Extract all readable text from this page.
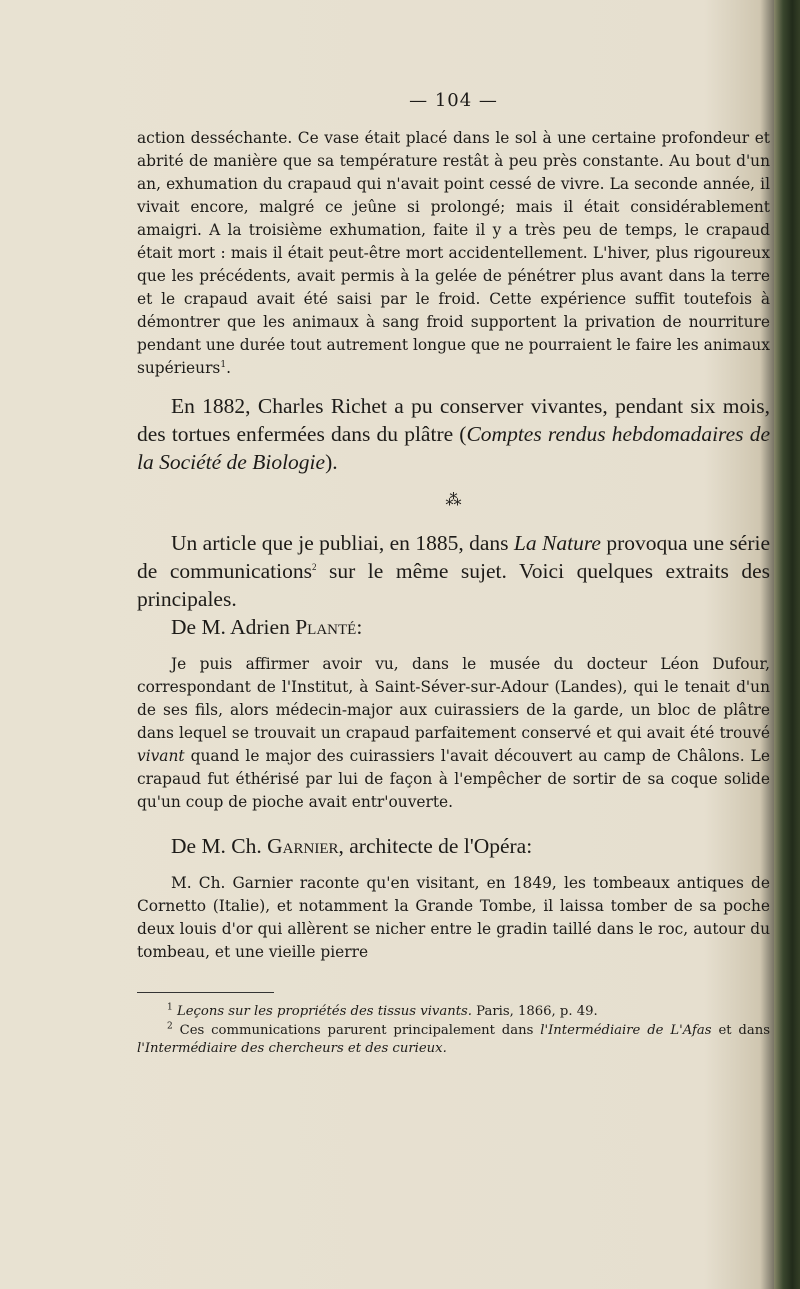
— 104 —

action desséchante. Ce vase était placé dans le sol à une certaine profondeur et abrité de manière que sa température restât à peu près constante. Au bout d'un an, exhumation du crapaud qui n'avait point cessé de vivre. La seconde année, il vivait encore, malgré ce jeûne si prolongé; mais il était considérablement amaigri. A la troisième exhumation, faite il y a très peu de temps, le crapaud était mort : mais il était peut-être mort accidentellement. L'hiver, plus rigoureux que les précédents, avait permis à la gelée de pénétrer plus avant dans la terre et le crapaud avait été saisi par le froid. Cette expérience suffit toutefois à démontrer que les animaux à sang froid supportent la privation de nourriture pendant une durée tout autrement longue que ne pourraient le faire les animaux supérieurs$^1$.

En 1882, Charles Richet a pu conserver vivantes, pendant six mois, des tortues enfermées dans du plâtre (Comptes rendus hebdomadaires de la Société de Biologie).

⁂

Un article que je publiai, en 1885, dans La Nature provoqua une série de communications$^2$ sur le même sujet. Voici quelques extraits des principales.

De M. Adrien Planté:

Je puis affirmer avoir vu, dans le musée du docteur Léon Dufour, correspondant de l'Institut, à Saint-Séver-sur-Adour (Landes), qui le tenait d'un de ses fils, alors médecin-major aux cuirassiers de la garde, un bloc de plâtre dans lequel se trouvait un crapaud parfaitement conservé et qui avait été trouvé vivant quand le major des cuirassiers l'avait découvert au camp de Châlons. Le crapaud fut éthérisé par lui de façon à l'empêcher de sortir de sa coque solide qu'un coup de pioche avait entr'ouverte.

De M. Ch. Garnier, architecte de l'Opéra:

M. Ch. Garnier raconte qu'en visitant, en 1849, les tombeaux antiques de Cornetto (Italie), et notamment la Grande Tombe, il laissa tomber de sa poche deux louis d'or qui allèrent se nicher entre le gradin taillé dans le roc, autour du tombeau, et une vieille pierre

$^1$ Leçons sur les propriétés des tissus vivants. Paris, 1866, p. 49.

$^2$ Ces communications parurent principalement dans l'Intermédiaire de L'Afas et dans l'Intermédiaire des chercheurs et des curieux.
